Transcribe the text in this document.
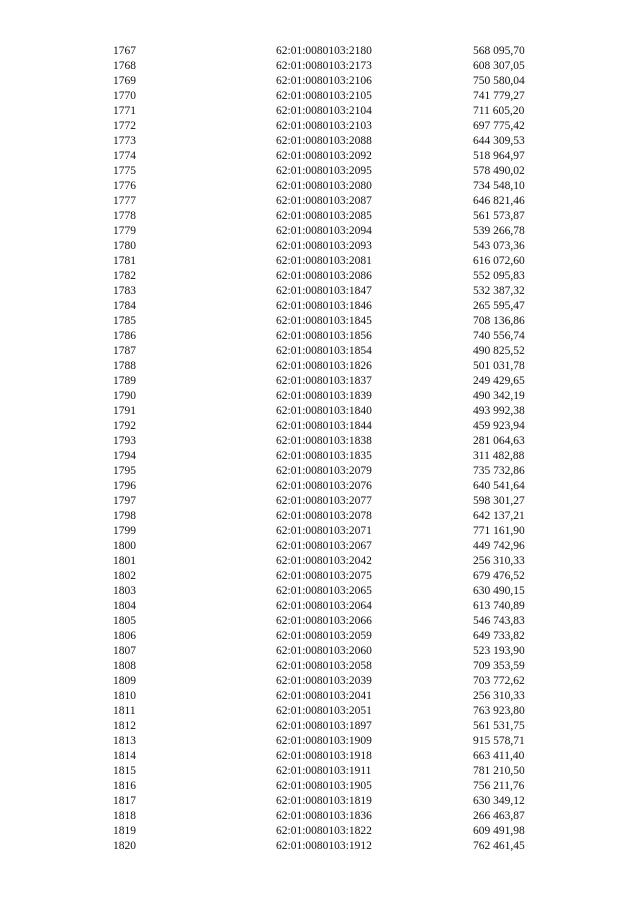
1767	62:01:0080103:2180	568 095,70
1768	62:01:0080103:2173	608 307,05
1769	62:01:0080103:2106	750 580,04
1770	62:01:0080103:2105	741 779,27
1771	62:01:0080103:2104	711 605,20
1772	62:01:0080103:2103	697 775,42
1773	62:01:0080103:2088	644 309,53
1774	62:01:0080103:2092	518 964,97
1775	62:01:0080103:2095	578 490,02
1776	62:01:0080103:2080	734 548,10
1777	62:01:0080103:2087	646 821,46
1778	62:01:0080103:2085	561 573,87
1779	62:01:0080103:2094	539 266,78
1780	62:01:0080103:2093	543 073,36
1781	62:01:0080103:2081	616 072,60
1782	62:01:0080103:2086	552 095,83
1783	62:01:0080103:1847	532 387,32
1784	62:01:0080103:1846	265 595,47
1785	62:01:0080103:1845	708 136,86
1786	62:01:0080103:1856	740 556,74
1787	62:01:0080103:1854	490 825,52
1788	62:01:0080103:1826	501 031,78
1789	62:01:0080103:1837	249 429,65
1790	62:01:0080103:1839	490 342,19
1791	62:01:0080103:1840	493 992,38
1792	62:01:0080103:1844	459 923,94
1793	62:01:0080103:1838	281 064,63
1794	62:01:0080103:1835	311 482,88
1795	62:01:0080103:2079	735 732,86
1796	62:01:0080103:2076	640 541,64
1797	62:01:0080103:2077	598 301,27
1798	62:01:0080103:2078	642 137,21
1799	62:01:0080103:2071	771 161,90
1800	62:01:0080103:2067	449 742,96
1801	62:01:0080103:2042	256 310,33
1802	62:01:0080103:2075	679 476,52
1803	62:01:0080103:2065	630 490,15
1804	62:01:0080103:2064	613 740,89
1805	62:01:0080103:2066	546 743,83
1806	62:01:0080103:2059	649 733,82
1807	62:01:0080103:2060	523 193,90
1808	62:01:0080103:2058	709 353,59
1809	62:01:0080103:2039	703 772,62
1810	62:01:0080103:2041	256 310,33
1811	62:01:0080103:2051	763 923,80
1812	62:01:0080103:1897	561 531,75
1813	62:01:0080103:1909	915 578,71
1814	62:01:0080103:1918	663 411,40
1815	62:01:0080103:1911	781 210,50
1816	62:01:0080103:1905	756 211,76
1817	62:01:0080103:1819	630 349,12
1818	62:01:0080103:1836	266 463,87
1819	62:01:0080103:1822	609 491,98
1820	62:01:0080103:1912	762 461,45
